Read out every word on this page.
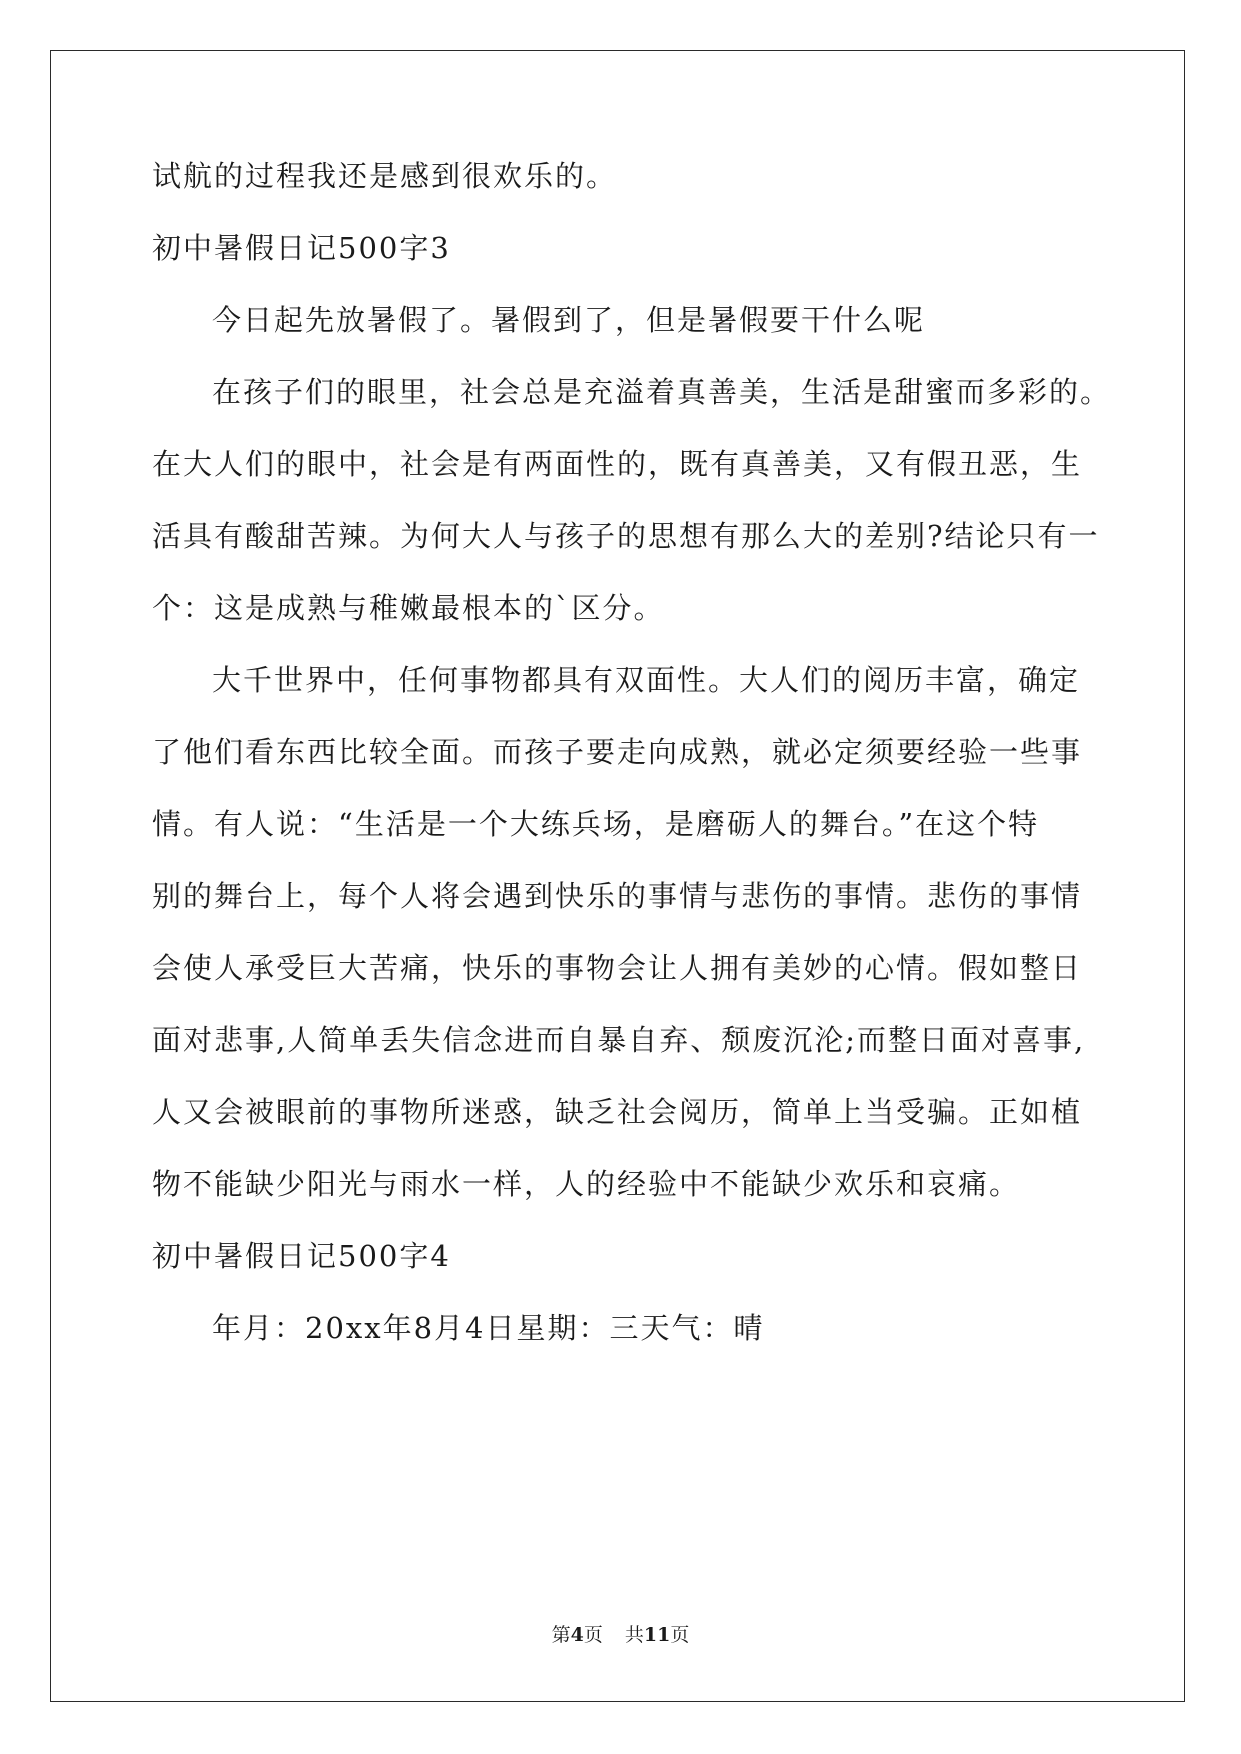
试航的过程我还是感到很欢乐的。
初中暑假日记500字3
今日起先放暑假了。暑假到了，但是暑假要干什么呢
在孩子们的眼里，社会总是充溢着真善美，生活是甜蜜而多彩的。
在大人们的眼中，社会是有两面性的，既有真善美，又有假丑恶，生
活具有酸甜苦辣。为何大人与孩子的思想有那么大的差别?结论只有一
个：这是成熟与稚嫩最根本的`区分。
大千世界中，任何事物都具有双面性。大人们的阅历丰富，确定
了他们看东西比较全面。而孩子要走向成熟，就必定须要经验一些事
情。有人说：“生活是一个大练兵场，是磨砺人的舞台。”在这个特
别的舞台上，每个人将会遇到快乐的事情与悲伤的事情。悲伤的事情
会使人承受巨大苦痛，快乐的事物会让人拥有美妙的心情。假如整日
面对悲事,人简单丢失信念进而自暴自弃、颓废沉沦;而整日面对喜事,
人又会被眼前的事物所迷惑，缺乏社会阅历，简单上当受骗。正如植
物不能缺少阳光与雨水一样，人的经验中不能缺少欢乐和哀痛。
初中暑假日记500字4
年月：20xx年8月4日星期：三天气：晴
第4页 共11页
